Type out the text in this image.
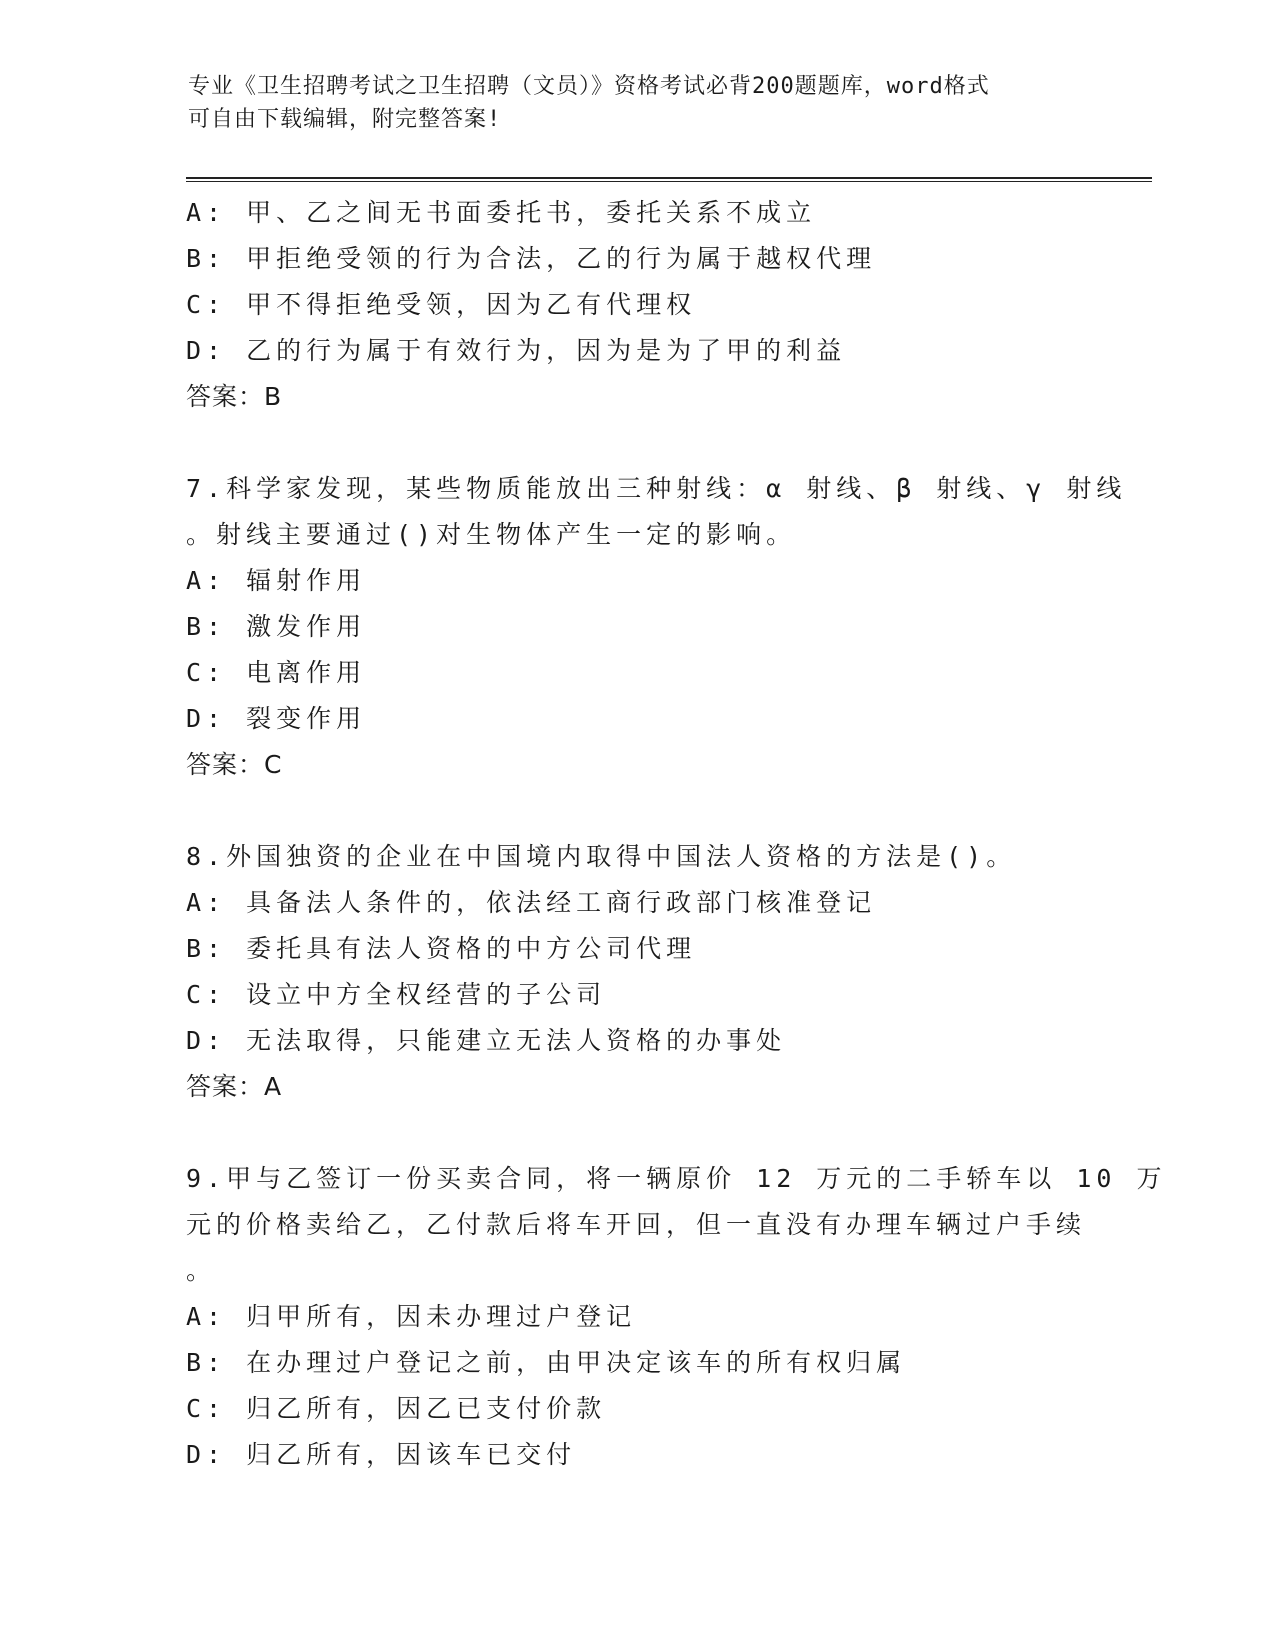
专业《卫生招聘考试之卫生招聘（文员）》资格考试必背200题题库，word格式
可自由下载编辑，附完整答案!
A: 甲、乙之间无书面委托书，委托关系不成立
B: 甲拒绝受领的行为合法，乙的行为属于越权代理
C: 甲不得拒绝受领，因为乙有代理权
D: 乙的行为属于有效行为，因为是为了甲的利益
答案：B
7.科学家发现，某些物质能放出三种射线：α 射线、β 射线、γ 射线
。射线主要通过()对生物体产生一定的影响。
A: 辐射作用
B: 激发作用
C: 电离作用
D: 裂变作用
答案：C
8.外国独资的企业在中国境内取得中国法人资格的方法是()。
A: 具备法人条件的，依法经工商行政部门核准登记
B: 委托具有法人资格的中方公司代理
C: 设立中方全权经营的子公司
D: 无法取得，只能建立无法人资格的办事处
答案：A
9.甲与乙签订一份买卖合同，将一辆原价 12 万元的二手轿车以 10 万
元的价格卖给乙，乙付款后将车开回，但一直没有办理车辆过户手续
。
A: 归甲所有，因未办理过户登记
B: 在办理过户登记之前，由甲决定该车的所有权归属
C: 归乙所有，因乙已支付价款
D: 归乙所有，因该车已交付
